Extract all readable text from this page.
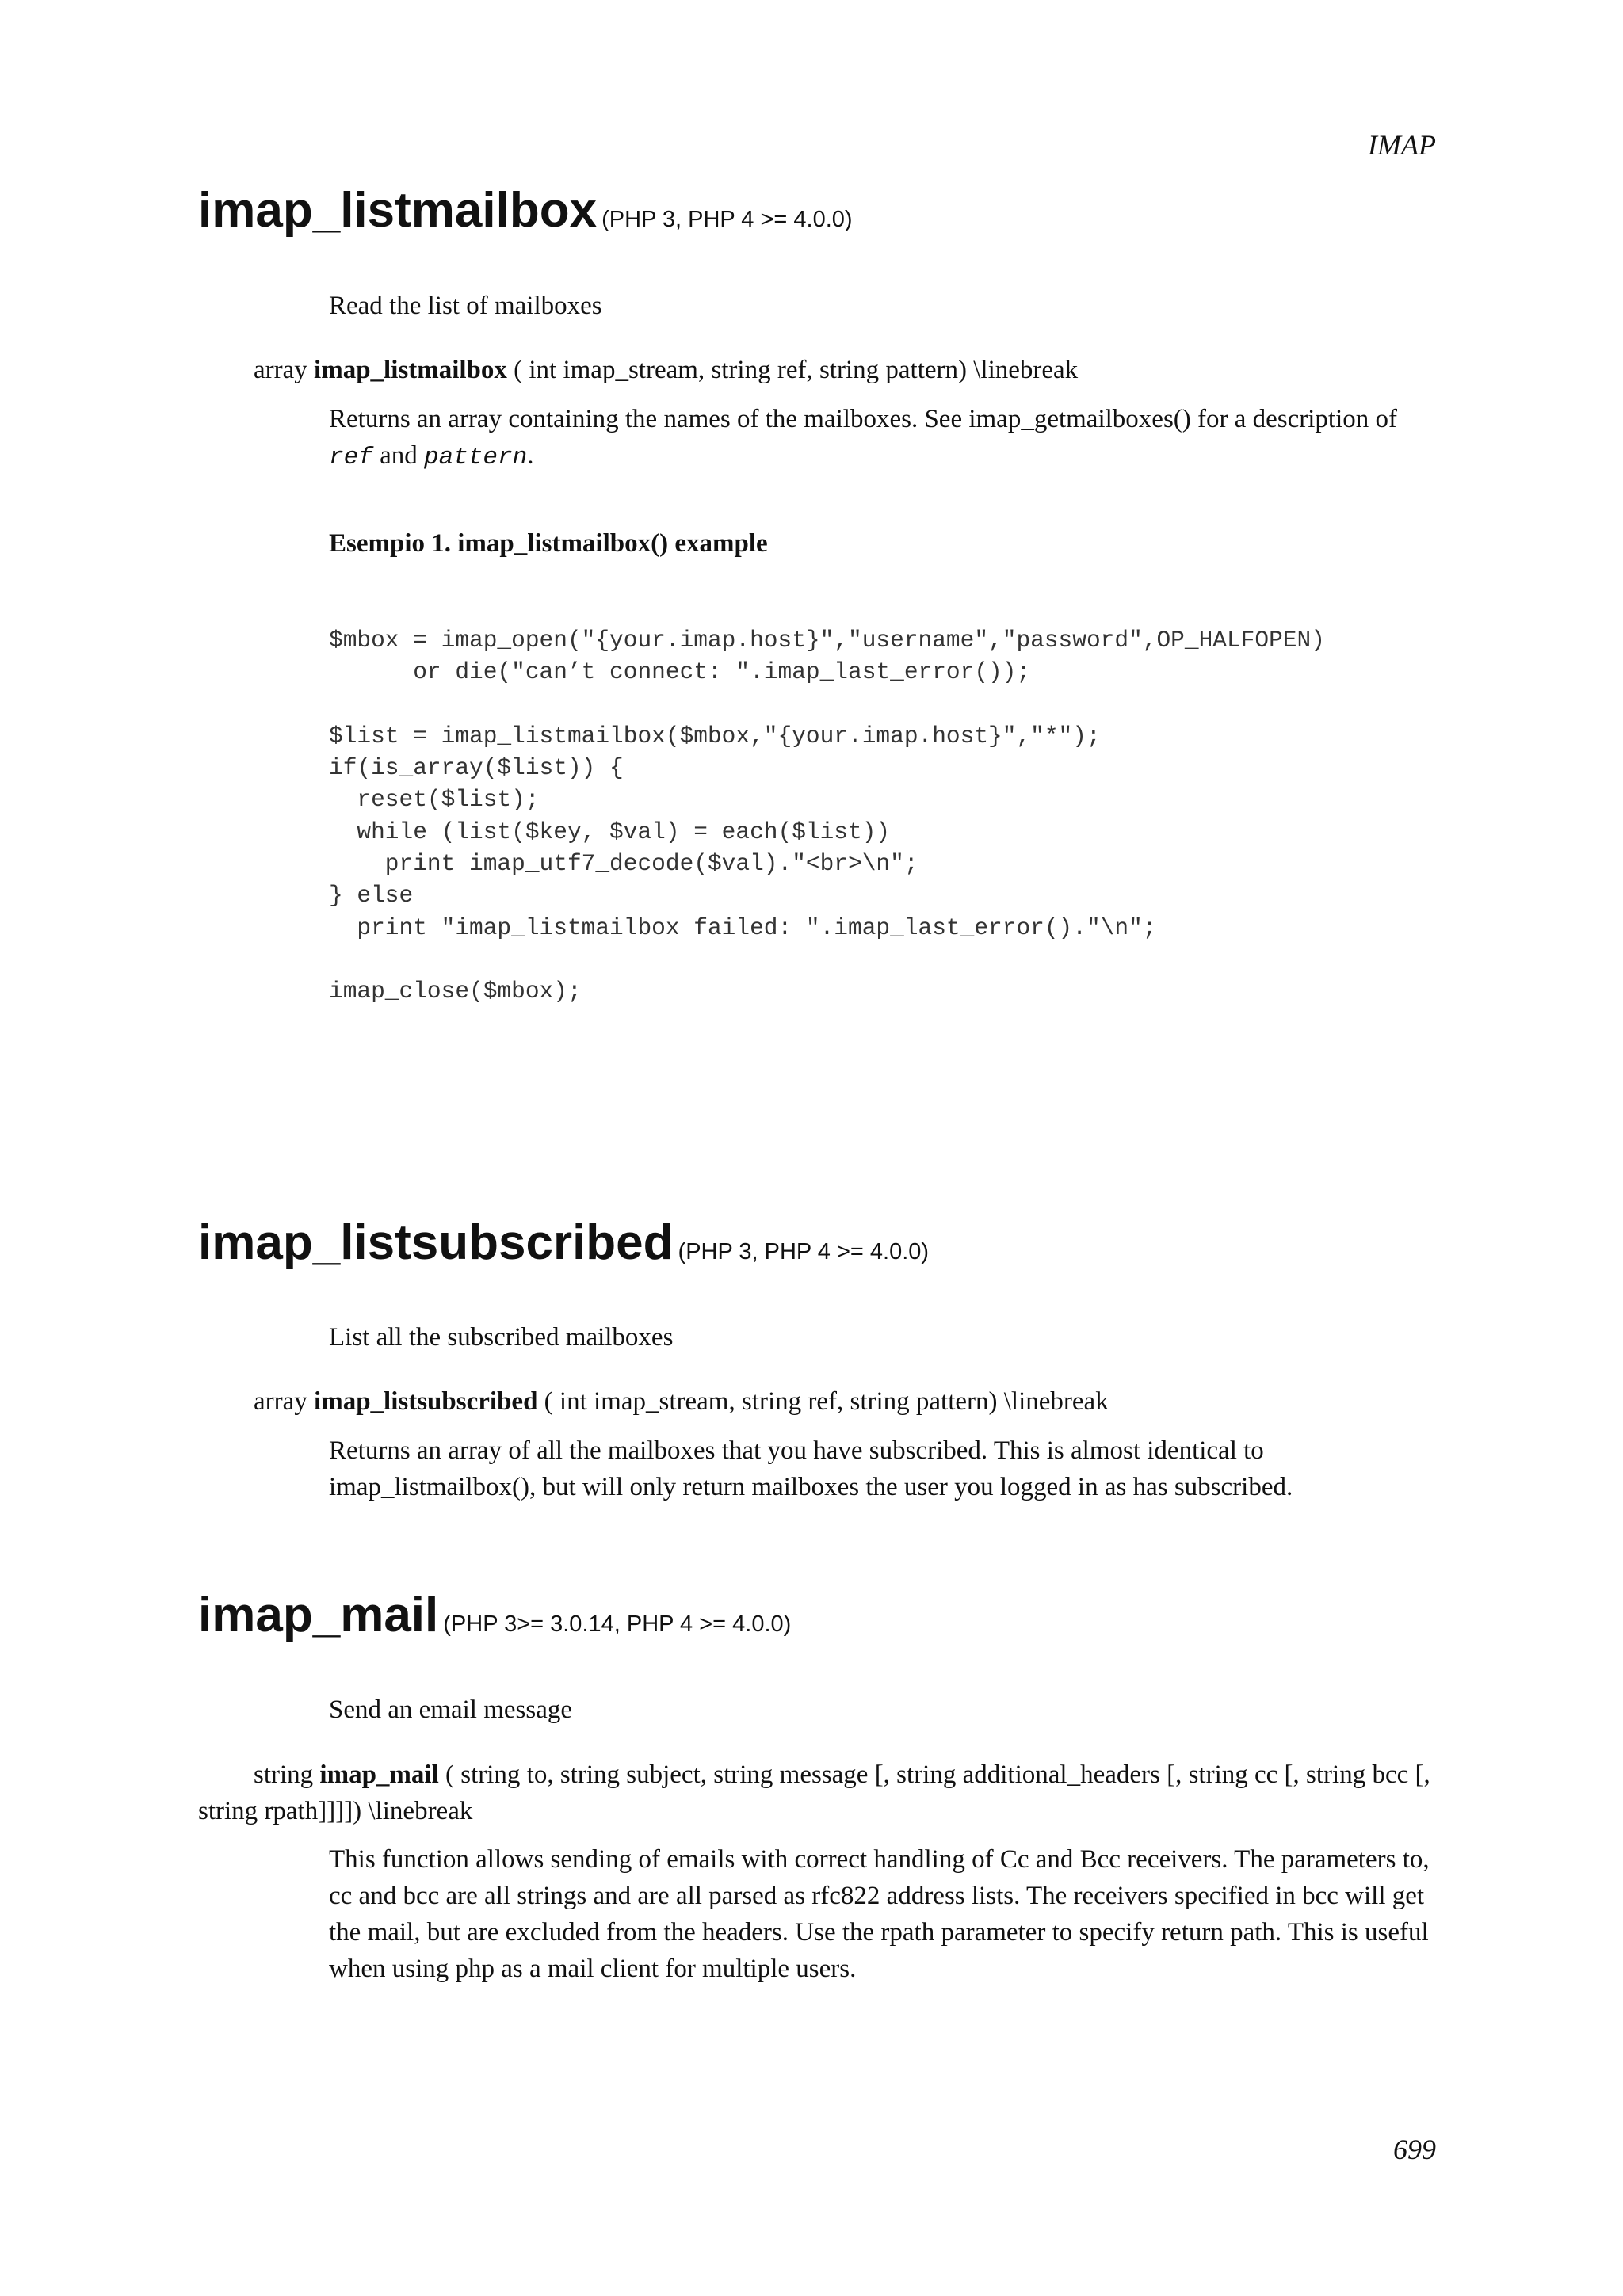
IMAP
imap_listmailbox (PHP 3, PHP 4 >= 4.0.0)
Read the list of mailboxes
array imap_listmailbox ( int imap_stream, string ref, string pattern) \linebreak
Returns an array containing the names of the mailboxes. See imap_getmailboxes() for a description of ref and pattern.
Esempio 1. imap_listmailbox() example
$mbox = imap_open("{your.imap.host}","username","password",OP_HALFOPEN)
or die("can’t connect: ".imap_last_error());

$list = imap_listmailbox($mbox,"{your.imap.host}","*");
if(is_array($list)) {
reset($list);
while (list($key, $val) = each($list))
print imap_utf7_decode($val)."<br>\n";
} else
print "imap_listmailbox failed: ".imap_last_error()."\n";

imap_close($mbox);
imap_listsubscribed (PHP 3, PHP 4 >= 4.0.0)
List all the subscribed mailboxes
array imap_listsubscribed ( int imap_stream, string ref, string pattern) \linebreak
Returns an array of all the mailboxes that you have subscribed. This is almost identical to imap_listmailbox(), but will only return mailboxes the user you logged in as has subscribed.
imap_mail (PHP 3>= 3.0.14, PHP 4 >= 4.0.0)
Send an email message
string imap_mail ( string to, string subject, string message [, string additional_headers [, string cc [, string bcc [, string rpath]]]]) \linebreak
This function allows sending of emails with correct handling of Cc and Bcc receivers. The parameters to, cc and bcc are all strings and are all parsed as rfc822 address lists. The receivers specified in bcc will get the mail, but are excluded from the headers. Use the rpath parameter to specify return path. This is useful when using php as a mail client for multiple users.
699
